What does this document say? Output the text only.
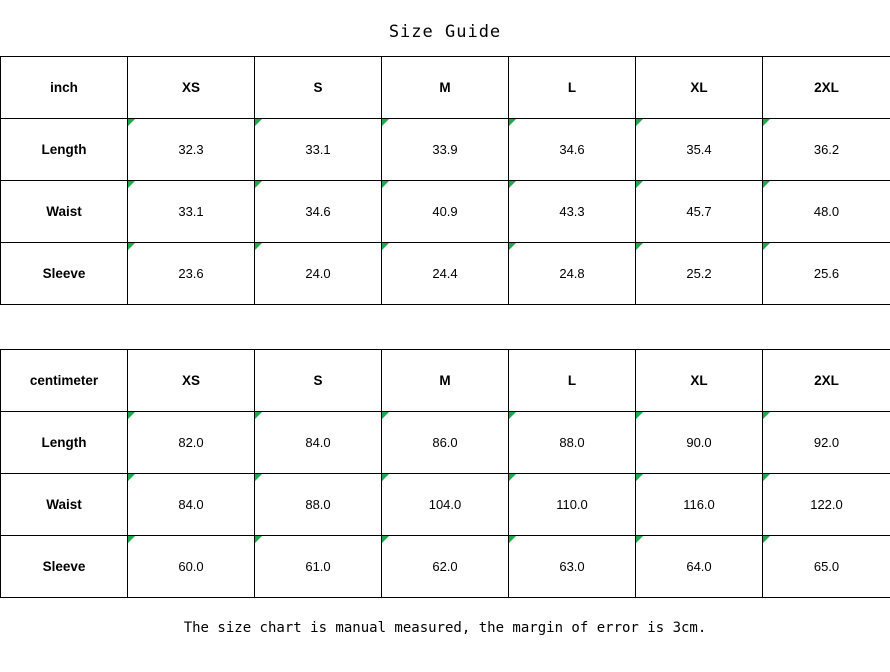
Size Guide
inch	XS	S	M	L	XL	2XL
Length	32.3	33.1	33.9	34.6	35.4	36.2
Waist	33.1	34.6	40.9	43.3	45.7	48.0
Sleeve	23.6	24.0	24.4	24.8	25.2	25.6
centimeter	XS	S	M	L	XL	2XL
Length	82.0	84.0	86.0	88.0	90.0	92.0
Waist	84.0	88.0	104.0	110.0	116.0	122.0
Sleeve	60.0	61.0	62.0	63.0	64.0	65.0
The size chart is manual measured, the margin of error is 3cm.
